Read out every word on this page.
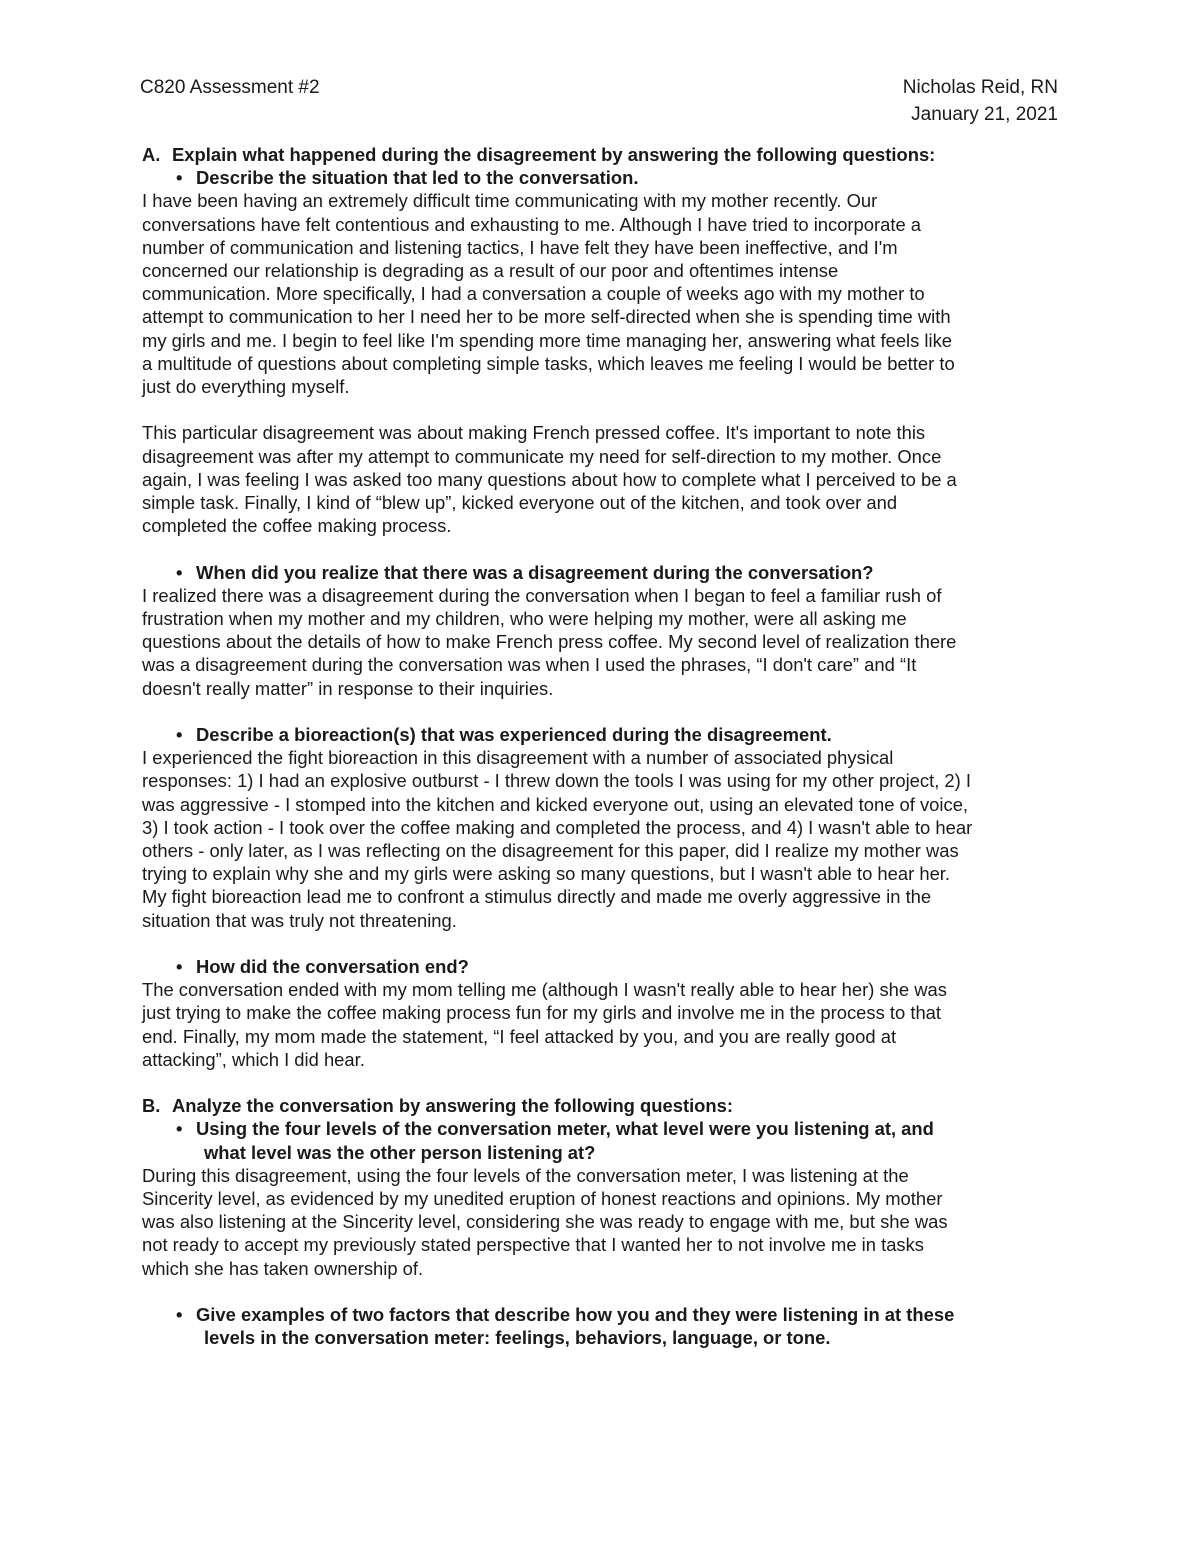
C820 Assessment #2	Nicholas Reid, RN
January 21, 2021

A. Explain what happened during the disagreement by answering the following questions:

• Describe the situation that led to the conversation.

I have been having an extremely difficult time communicating with my mother recently. Our
conversations have felt contentious and exhausting to me. Although I have tried to incorporate a
number of communication and listening tactics, I have felt they have been ineffective, and I'm
concerned our relationship is degrading as a result of our poor and oftentimes intense
communication. More specifically, I had a conversation a couple of weeks ago with my mother to
attempt to communication to her I need her to be more self-directed when she is spending time with
my girls and me. I begin to feel like I'm spending more time managing her, answering what feels like
a multitude of questions about completing simple tasks, which leaves me feeling I would be better to
just do everything myself.
This particular disagreement was about making French pressed coffee. It's important to note this
disagreement was after my attempt to communicate my need for self-direction to my mother. Once
again, I was feeling I was asked too many questions about how to complete what I perceived to be a
simple task. Finally, I kind of “blew up”, kicked everyone out of the kitchen, and took over and
completed the coffee making process.

• When did you realize that there was a disagreement during the conversation?

I realized there was a disagreement during the conversation when I began to feel a familiar rush of
frustration when my mother and my children, who were helping my mother, were all asking me
questions about the details of how to make French press coffee. My second level of realization there
was a disagreement during the conversation was when I used the phrases, “I don't care” and “It
doesn't really matter” in response to their inquiries.

• Describe a bioreaction(s) that was experienced during the disagreement.

I experienced the fight bioreaction in this disagreement with a number of associated physical
responses: 1) I had an explosive outburst - I threw down the tools I was using for my other project, 2) I
was aggressive - I stomped into the kitchen and kicked everyone out, using an elevated tone of voice,
3) I took action - I took over the coffee making and completed the process, and 4) I wasn't able to hear
others - only later, as I was reflecting on the disagreement for this paper, did I realize my mother was
trying to explain why she and my girls were asking so many questions, but I wasn't able to hear her.
My fight bioreaction lead me to confront a stimulus directly and made me overly aggressive in the
situation that was truly not threatening.

• How did the conversation end?

The conversation ended with my mom telling me (although I wasn't really able to hear her) she was
just trying to make the coffee making process fun for my girls and involve me in the process to that
end. Finally, my mom made the statement, “I feel attacked by you, and you are really good at
attacking”, which I did hear.

B. Analyze the conversation by answering the following questions:

• Using the four levels of the conversation meter, what level were you listening at, and
what level was the other person listening at?

During this disagreement, using the four levels of the conversation meter, I was listening at the
Sincerity level, as evidenced by my unedited eruption of honest reactions and opinions. My mother
was also listening at the Sincerity level, considering she was ready to engage with me, but she was
not ready to accept my previously stated perspective that I wanted her to not involve me in tasks
which she has taken ownership of.

• Give examples of two factors that describe how you and they were listening in at these
levels in the conversation meter: feelings, behaviors, language, or tone.
